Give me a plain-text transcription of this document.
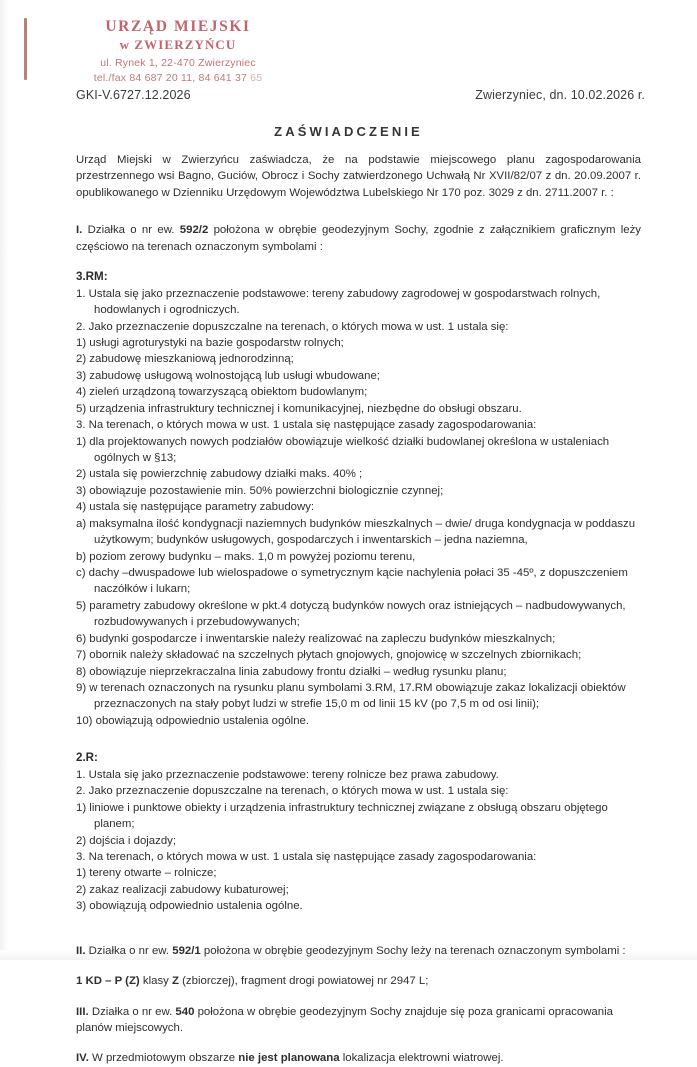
URZĄD MIEJSKI
w ZWIERZYŃCU
ul. Rynek 1, 22-470 Zwierzyniec
tel./fax 84 687 20 11, 84 641 37 65
GKI-V.6727.12.2026	Zwierzyniec, dn. 10.02.2026 r.
ZAŚWIADCZENIE
Urząd Miejski w Zwierzyńcu zaświadcza, że na podstawie miejscowego planu zagospodarowania przestrzennego wsi Bagno, Guciów, Obrocz i Sochy zatwierdzonego Uchwałą Nr XVII/82/07 z dn. 20.09.2007 r. opublikowanego w Dzienniku Urzędowym Województwa Lubelskiego Nr 170 poz. 3029 z dn. 2711.2007 r. :
I. Działka o nr ew. 592/2 położona w obrębie geodezyjnym Sochy, zgodnie z załącznikiem graficznym leży częściowo na terenach oznaczonym symbolami :
3.RM:
1. Ustala się jako przeznaczenie podstawowe: tereny zabudowy zagrodowej w gospodarstwach rolnych, hodowlanych i ogrodniczych.
2. Jako przeznaczenie dopuszczalne na terenach, o których mowa w ust. 1 ustala się:
1) usługi agroturystyki na bazie gospodarstw rolnych;
2) zabudowę mieszkaniową jednorodzinną;
3) zabudowę usługową wolnostojącą lub usługi wbudowane;
4) zieleń urządzoną towarzyszącą obiektom budowlanym;
5) urządzenia infrastruktury technicznej i komunikacyjnej, niezbędne do obsługi obszaru.
3. Na terenach, o których mowa w ust. 1 ustala się następujące zasady zagospodarowania:
1) dla projektowanych nowych podziałów obowiązuje wielkość działki budowlanej określona w ustaleniach ogólnych w §13;
2) ustala się powierzchnię zabudowy działki maks. 40% ;
3) obowiązuje pozostawienie min. 50% powierzchni biologicznie czynnej;
4) ustala się następujące parametry zabudowy:
a) maksymalna ilość kondygnacji naziemnych budynków mieszkalnych – dwie/ druga kondygnacja w poddaszu użytkowym; budynków usługowych, gospodarczych i inwentarskich – jedna naziemna,
b) poziom zerowy budynku – maks. 1,0 m powyżej poziomu terenu,
c) dachy –dwuspadowe lub wielospadowe o symetrycznym kącie nachylenia połaci 35 -45º, z dopuszczeniem naczółków i lukarn;
5) parametry zabudowy określone w pkt.4 dotyczą budynków nowych oraz istniejących – nadbudowywanych, rozbudowywanych i przebudowywanych;
6) budynki gospodarcze i inwentarskie należy realizować na zapleczu budynków mieszkalnych;
7) obornik należy składować na szczelnych płytach gnojowych, gnojowicę w szczelnych zbiornikach;
8) obowiązuje nieprzekraczalna linia zabudowy frontu działki – według rysunku planu;
9) w terenach oznaczonych na rysunku planu symbolami 3.RM, 17.RM obowiązuje zakaz lokalizacji obiektów przeznaczonych na stały pobyt ludzi w strefie 15,0 m od linii 15 kV (po 7,5 m od osi linii);
10) obowiązują odpowiednio ustalenia ogólne.
2.R:
1. Ustala się jako przeznaczenie podstawowe: tereny rolnicze bez prawa zabudowy.
2. Jako przeznaczenie dopuszczalne na terenach, o których mowa w ust. 1 ustala się:
1) liniowe i punktowe obiekty i urządzenia infrastruktury technicznej związane z obsługą obszaru objętego planem;
2) dojścia i dojazdy;
3. Na terenach, o których mowa w ust. 1 ustala się następujące zasady zagospodarowania:
1) tereny otwarte – rolnicze;
2) zakaz realizacji zabudowy kubaturowej;
3) obowiązują odpowiednio ustalenia ogólne.
II. Działka o nr ew. 592/1 położona w obrębie geodezyjnym Sochy leży na terenach oznaczonym symbolami :
1 KD – P (Z) klasy Z (zbiorczej), fragment drogi powiatowej nr 2947 L;
III. Działka o nr ew. 540 położona w obrębie geodezyjnym Sochy znajduje się poza granicami opracowania planów miejscowych.
IV. W przedmiotowym obszarze nie jest planowana lokalizacja elektrowni wiatrowej.
